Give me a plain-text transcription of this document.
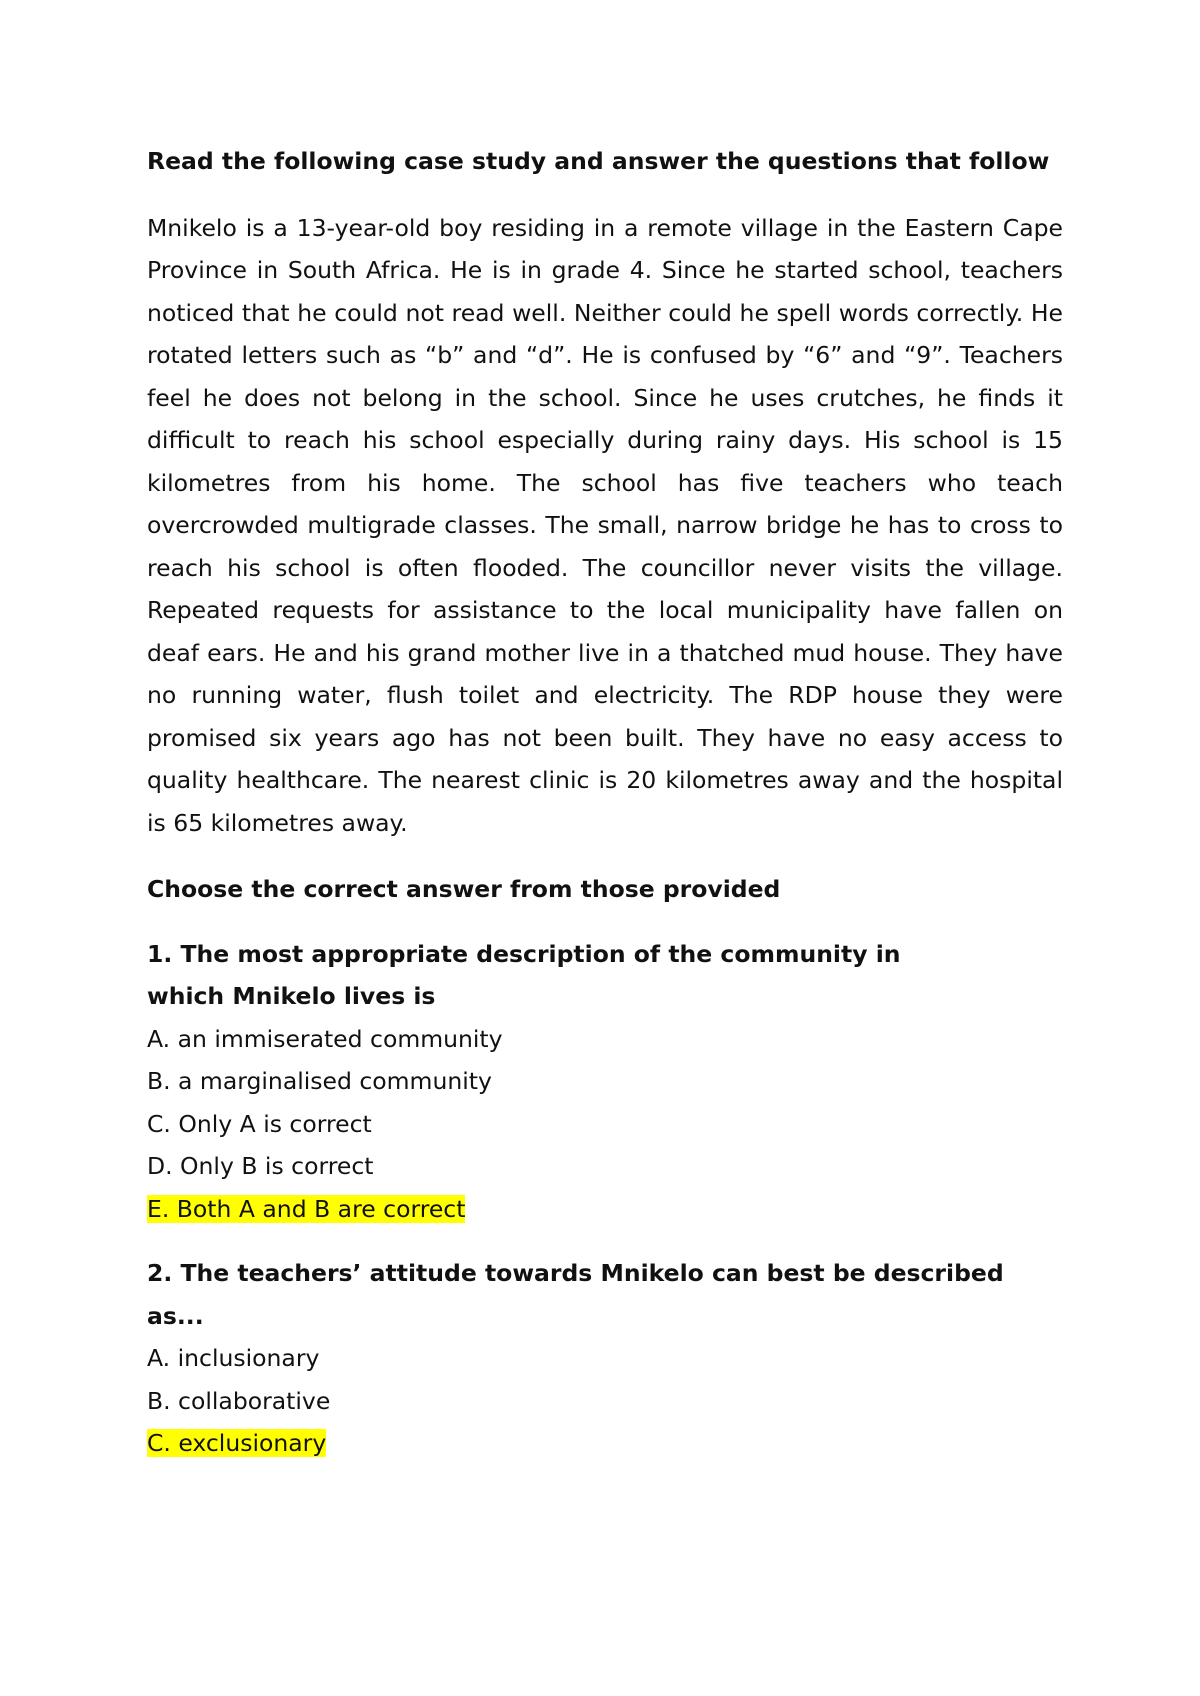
Read the following case study and answer the questions that follow

Mnikelo is a 13-year-old boy residing in a remote village in the Eastern Cape Province in South Africa. He is in grade 4. Since he started school, teachers noticed that he could not read well. Neither could he spell words correctly. He rotated letters such as “b” and “d”. He is confused by “6” and “9”. Teachers feel he does not belong in the school. Since he uses crutches, he finds it difficult to reach his school especially during rainy days. His school is 15 kilometres from his home. The school has five teachers who teach overcrowded multigrade classes. The small, narrow bridge he has to cross to reach his school is often flooded. The councillor never visits the village. Repeated requests for assistance to the local municipality have fallen on deaf ears. He and his grand mother live in a thatched mud house. They have no running water, flush toilet and electricity. The RDP house they were promised six years ago has not been built. They have no easy access to quality healthcare. The nearest clinic is 20 kilometres away and the hospital is 65 kilometres away.

Choose the correct answer from those provided

1. The most appropriate description of the community in which Mnikelo lives is

A. an immiserated community
B. a marginalised community
C. Only A is correct
D. Only B is correct
E. Both A and B are correct

2. The teachers’ attitude towards Mnikelo can best be described as...

A. inclusionary
B. collaborative
C. exclusionary
